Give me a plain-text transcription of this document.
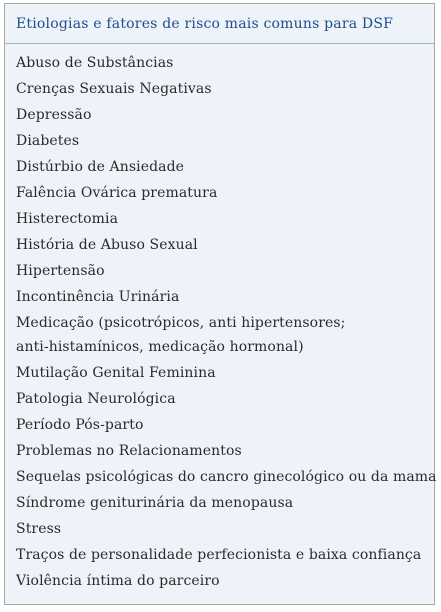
Etiologias e fatores de risco mais comuns para DSF
Abuso de Substâncias
Crenças Sexuais Negativas
Depressão
Diabetes
Distúrbio de Ansiedade
Falência Ovárica prematura
Histerectomia
História de Abuso Sexual
Hipertensão
Incontinência Urinária
Medicação (psicotrópicos, anti hipertensores;
anti-histamínicos, medicação hormonal)
Mutilação Genital Feminina
Patologia Neurológica
Período Pós-parto
Problemas no Relacionamentos
Sequelas psicológicas do cancro ginecológico ou da mama
Síndrome geniturinária da menopausa
Stress
Traços de personalidade perfecionista e baixa confiança
Violência íntima do parceiro
